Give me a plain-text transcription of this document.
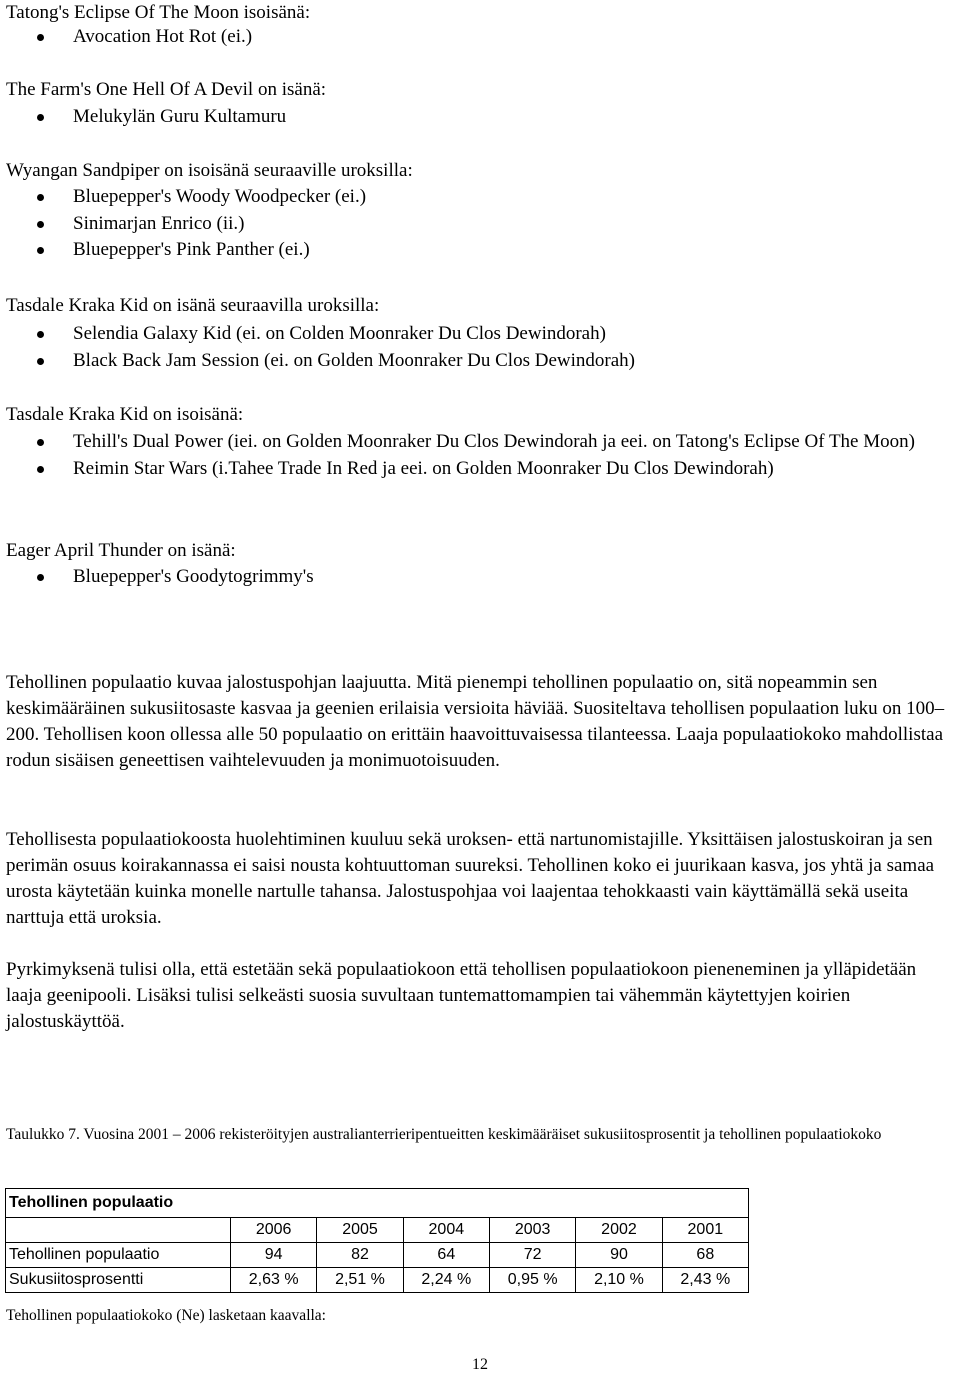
Tatong's Eclipse Of The Moon isoisänä:
Avocation Hot Rot (ei.)
The Farm's One Hell Of A Devil on isänä:
Melukylän Guru Kultamuru
Wyangan Sandpiper on isoisänä seuraaville uroksilla:
Bluepepper's Woody Woodpecker (ei.)
Sinimarjan Enrico (ii.)
Bluepepper's Pink Panther (ei.)
Tasdale Kraka Kid on isänä seuraavilla uroksilla:
Selendia Galaxy Kid (ei. on Colden Moonraker Du Clos Dewindorah)
Black Back Jam Session (ei. on Golden Moonraker Du Clos Dewindorah)
Tasdale Kraka Kid on isoisänä:
Tehill's Dual Power (iei. on Golden Moonraker Du Clos Dewindorah ja eei. on Tatong's Eclipse Of The Moon)
Reimin Star Wars (i.Tahee Trade In Red ja eei. on Golden Moonraker Du Clos Dewindorah)
Eager April Thunder on isänä:
Bluepepper's Goodytogrimmy's

Tehollinen populaatio kuvaa jalostuspohjan laajuutta. Mitä pienempi tehollinen populaatio on, sitä nopeammin sen keskimääräinen sukusiitosaste kasvaa ja geenien erilaisia versioita häviää. Suositeltava tehollisen populaation luku on 100–200. Tehollisen koon ollessa alle 50 populaatio on erittäin haavoittuvaisessa tilanteessa. Laaja populaatiokoko mahdollistaa rodun sisäisen geneettisen vaihtelevuuden ja monimuotoisuuden.

Tehollisesta populaatiokoosta huolehtiminen kuuluu sekä uroksen- että nartunomistajille. Yksittäisen jalostuskoiran ja sen perimän osuus koirakannassa ei saisi nousta kohtuuttoman suureksi. Tehollinen koko ei juurikaan kasva, jos yhtä ja samaa urosta käytetään kuinka monelle nartulle tahansa. Jalostuspohjaa voi laajentaa tehokkaasti vain käyttämällä sekä useita narttuja että uroksia.

Pyrkimyksenä tulisi olla, että estetään sekä populaatiokoon että tehollisen populaatiokoon pieneneminen ja ylläpidetään laaja geenipooli. Lisäksi tulisi selkeästi suosia suvultaan tuntemattomampien tai vähemmän käytettyjen koirien jalostuskäyttöä.

Taulukko 7. Vuosina 2001 – 2006 rekisteröityjen australianterrieripentueitten keskimääräiset sukusiitosprosentit ja tehollinen populaatiokoko

Tehollinen populaatio						
	2006	2005	2004	2003	2002	2001
Tehollinen populaatio	94	82	64	72	90	68
Sukusiitosprosentti	2,63 %	2,51 %	2,24 %	0,95 %	2,10 %	2,43 %

Tehollinen populaatiokoko (Ne) lasketaan kaavalla:

12
